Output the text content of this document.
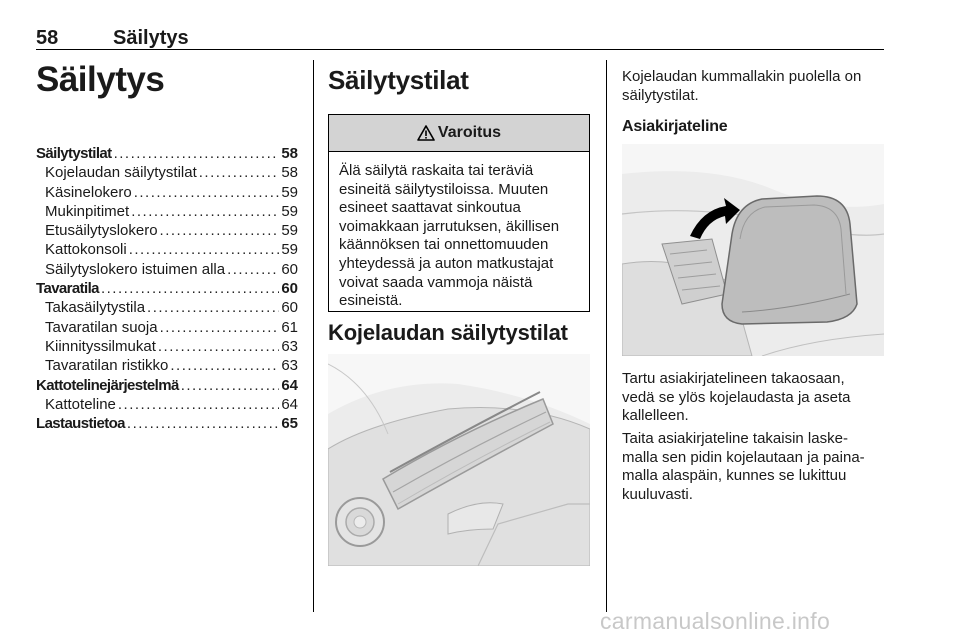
58	Säilytys
Säilytys
Säilytystilat .....	58
Kojelaudan säilytystilat .....	58
Käsinelokero .....	59
Mukinpitimet .....	59
Etusäilytyslokero .....	59
Kattokonsoli .....	59
Säilytyslokero istuimen alla .....	60
Tavaratila .....	60
Takasäilytystila .....	60
Tavaratilan suoja .....	61
Kiinnityssilmukat .....	63
Tavaratilan ristikko .....	63
Kattotelinejärjestelmä .....	64
Kattoteline .....	64
Lastaustietoa .....	65
Säilytystilat
Varoitus
Älä säilytä raskaita tai teräviä
esineitä säilytystiloissa. Muuten
esineet saattavat sinkoutua
voimakkaan jarrutuksen, äkillisen
käännöksen tai onnettomuuden
yhteydessä ja auton matkustajat
voivat saada vammoja näistä
esineistä.
Kojelaudan säilytystilat
Kojelaudan kummallakin puolella on
säilytystilat.
Asiakirjateline
Tartu asiakirjatelineen takaosaan,
vedä se ylös kojelaudasta ja aseta
kallelleen.
Taita asiakirjateline takaisin laske-
malla sen pidin kojelautaan ja paina-
malla alaspäin, kunnes se lukittuu
kuuluvasti.
carmanualsonline.info
